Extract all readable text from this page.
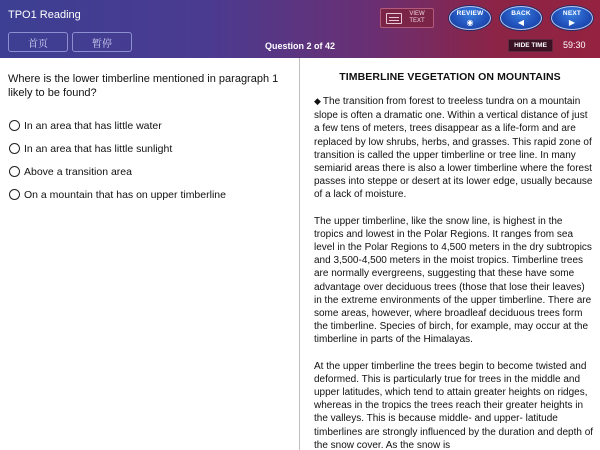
TPO1 Reading
首页	暂停	Question 2 of 42
VIEW TEXT
REVIEW
◉
BACK
◀
NEXT
▶
HIDE TIME	59:30
Where is the lower timberline mentioned in paragraph 1 likely to be found?
In an area that has little water
In an area that has little sunlight
Above a transition area
On a mountain that has on upper timberline
TIMBERLINE VEGETATION ON MOUNTAINS

◆ The transition from forest to treeless tundra on a mountain slope is often a dramatic one. Within a vertical distance of just a few tens of meters, trees disappear as a life-form and are replaced by low shrubs, herbs, and grasses. This rapid zone of transition is called the upper timberline or tree line. In many semiarid areas there is also a lower timberline where the forest passes into steppe or desert at its lower edge, usually because of a lack of moisture.

The upper timberline, like the snow line, is highest in the tropics and lowest in the Polar Regions. It ranges from sea level in the Polar Regions to 4,500 meters in the dry subtropics and 3,500-4,500 meters in the moist tropics. Timberline trees are normally evergreens, suggesting that these have some advantage over deciduous trees (those that lose their leaves) in the extreme environments of the upper timberline. There are some areas, however, where broadleaf deciduous trees form the timberline. Species of birch, for example, may occur at the timberline in parts of the Himalayas.

At the upper timberline the trees begin to become twisted and deformed. This is particularly true for trees in the middle and upper latitudes, which tend to attain greater heights on ridges, whereas in the tropics the trees reach their greater heights in the valleys. This is because middle- and upper- latitude timberlines are strongly influenced by the duration and depth of the snow cover. As the snow is
